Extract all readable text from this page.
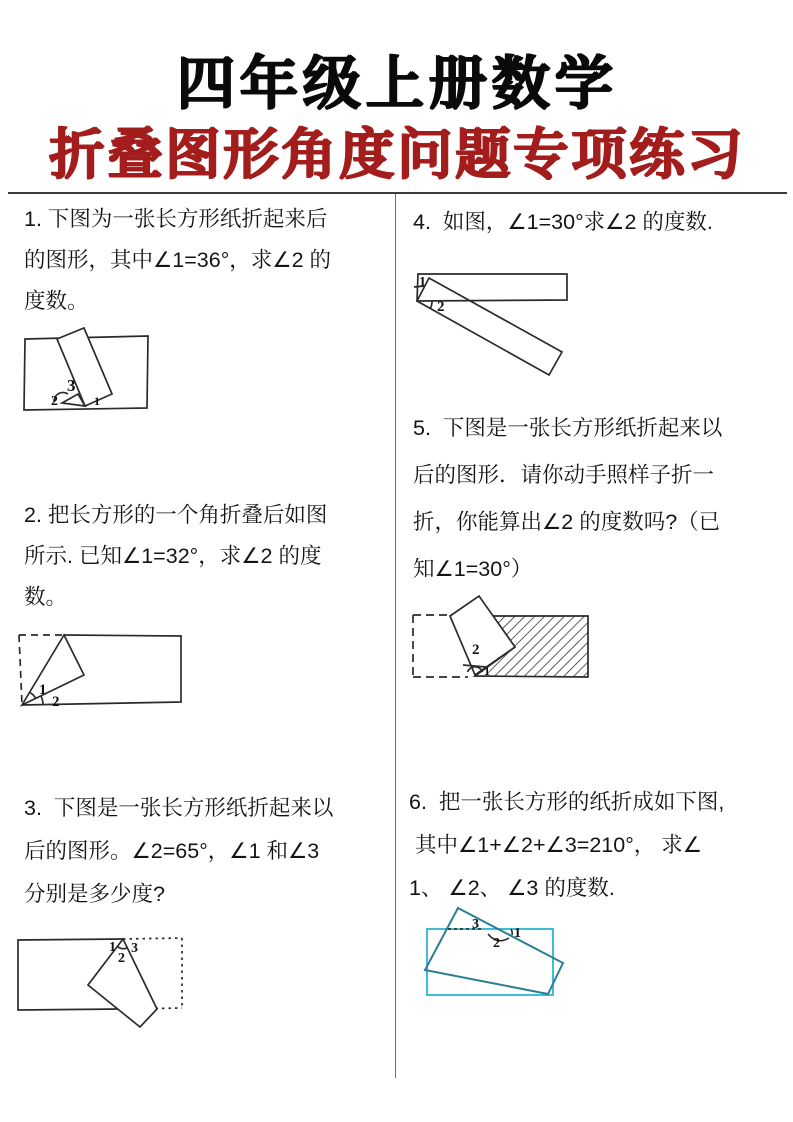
四年级上册数学
折叠图形角度问题专项练习
1. 下图为一张长方形纸折起来后
的图形，其中∠1=36°，求∠2 的
度数。
2
3
1
2. 把长方形的一个角折叠后如图
所示. 已知∠1=32°，求∠2 的度
数。
1
2
3.  下图是一张长方形纸折起来以
后的图形。∠2=65°，∠1 和∠3
分别是多少度?
1
2
3
4.  如图，∠1=30°求∠2 的度数.
1
2
5.  下图是一张长方形纸折起来以
后的图形．请你动手照样子折一
折，你能算出∠2 的度数吗?（已
知∠1=30°）
2
1
6.  把一张长方形的纸折成如下图,
其中∠1+∠2+∠3=210°， 求∠
1、 ∠2、 ∠3 的度数.
3
1
2
